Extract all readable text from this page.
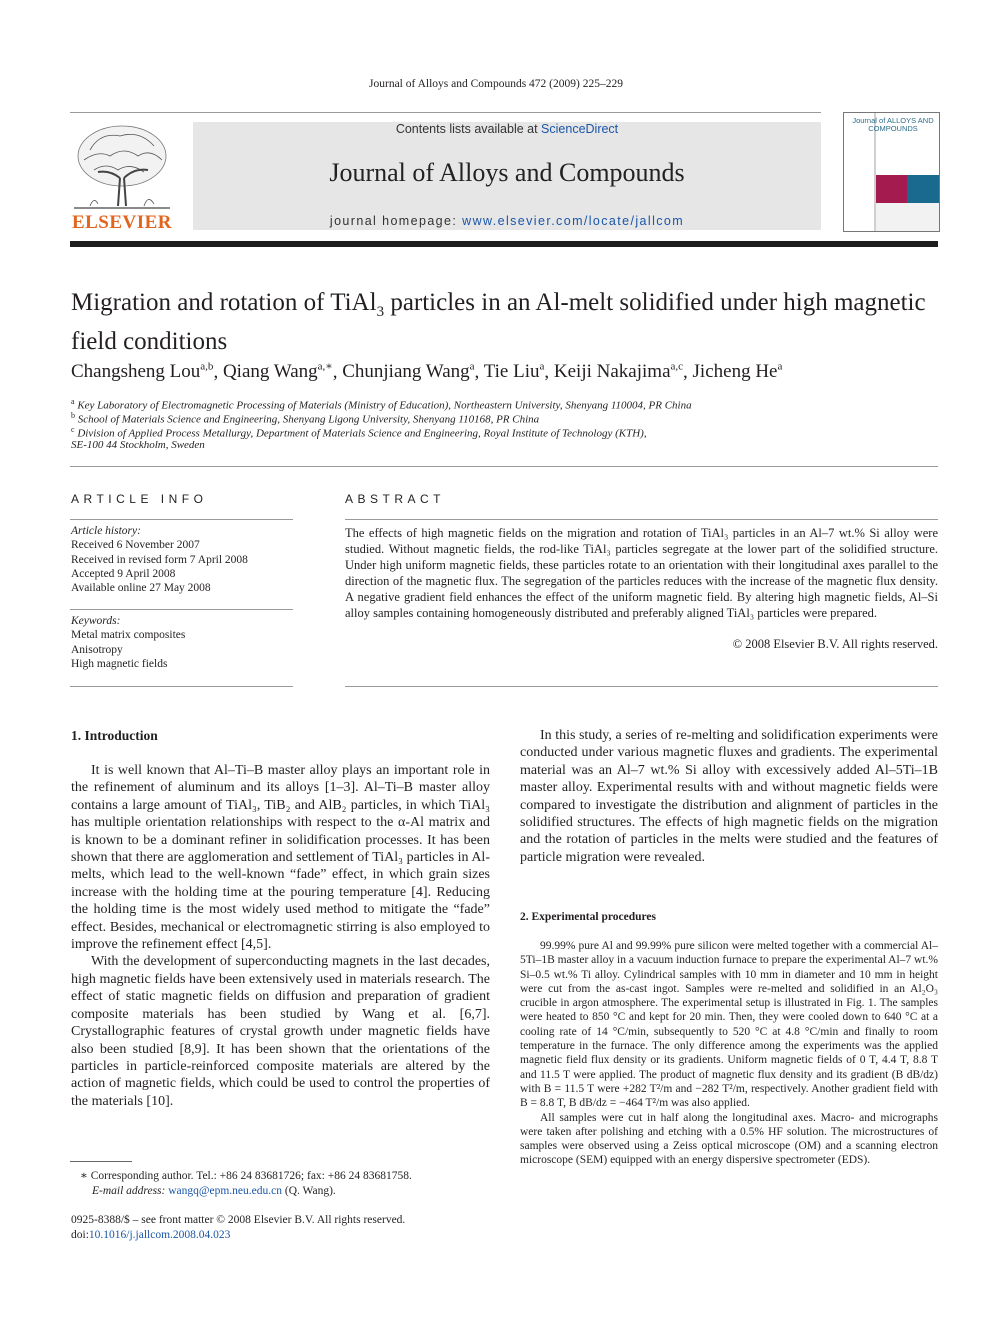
Journal of Alloys and Compounds 472 (2009) 225–229
ELSEVIER
Contents lists available at ScienceDirect
Journal of Alloys and Compounds
journal homepage: www.elsevier.com/locate/jallcom
Journal of ALLOYS AND COMPOUNDS
Migration and rotation of TiAl$_3$ particles in an Al-melt solidified under high magnetic field conditions
Changsheng Lou$^{a,b}$, Qiang Wang$^{a,∗}$, Chunjiang Wang$^a$, Tie Liu$^a$, Keiji Nakajima$^{a,c}$, Jicheng He$^a$
$^a$ Key Laboratory of Electromagnetic Processing of Materials (Ministry of Education), Northeastern University, Shenyang 110004, PR China
$^b$ School of Materials Science and Engineering, Shenyang Ligong University, Shenyang 110168, PR China
$^c$ Division of Applied Process Metallurgy, Department of Materials Science and Engineering, Royal Institute of Technology (KTH),
SE-100 44 Stockholm, Sweden
ARTICLE INFO
Article history:
Received 6 November 2007
Received in revised form 7 April 2008
Accepted 9 April 2008
Available online 27 May 2008
Keywords:
Metal matrix composites
Anisotropy
High magnetic fields
ABSTRACT
The effects of high magnetic fields on the migration and rotation of TiAl₃ particles in an Al–7 wt.% Si alloy were studied. Without magnetic fields, the rod-like TiAl₃ particles segregate at the lower part of the solidified structure. Under high uniform magnetic fields, these particles rotate to an orientation with their longitudinal axes parallel to the direction of the magnetic flux. The segregation of the particles reduces with the increase of the magnetic flux density. A negative gradient field enhances the effect of the uniform magnetic field. By altering high magnetic fields, Al–Si alloy samples containing homogeneously distributed and preferably aligned TiAl₃ particles were prepared.
© 2008 Elsevier B.V. All rights reserved.
1. Introduction

It is well known that Al–Ti–B master alloy plays an important role in the refinement of aluminum and its alloys [1–3]. Al–Ti–B master alloy contains a large amount of TiAl₃, TiB₂ and AlB₂ particles, in which TiAl₃ has multiple orientation relationships with respect to the α-Al matrix and is known to be a dominant refiner in solidification processes. It has been shown that there are agglomeration and settlement of TiAl₃ particles in Al-melts, which lead to the well-known “fade” effect, in which grain sizes increase with the holding time at the pouring temperature [4]. Reducing the holding time is the most widely used method to mitigate the “fade” effect. Besides, mechanical or electromagnetic stirring is also employed to improve the refinement effect [4,5].

With the development of superconducting magnets in the last decades, high magnetic fields have been extensively used in materials research. The effect of static magnetic fields on diffusion and preparation of gradient composite materials has been studied by Wang et al. [6,7]. Crystallographic features of crystal growth under magnetic fields have also been studied [8,9]. It has been shown that the orientations of the particles in particle-reinforced composite materials are altered by the action of magnetic fields, which could be used to control the properties of the materials [10].

In this study, a series of re-melting and solidification experiments were conducted under various magnetic fluxes and gradients. The experimental material was an Al–7 wt.% Si alloy with excessively added Al–5Ti–1B master alloy. Experimental results with and without magnetic fields were compared to investigate the distribution and alignment of particles in the solidified structures. The effects of high magnetic fields on the migration and the rotation of particles in the melts were studied and the features of particle migration were revealed.

2. Experimental procedures

99.99% pure Al and 99.99% pure silicon were melted together with a commercial Al–5Ti–1B master alloy in a vacuum induction furnace to prepare the experimental Al–7 wt.% Si–0.5 wt.% Ti alloy. Cylindrical samples with 10 mm in diameter and 10 mm in height were cut from the as-cast ingot. Samples were re-melted and solidified in an Al₂O₃ crucible in argon atmosphere. The experimental setup is illustrated in Fig. 1. The samples were heated to 850 °C and kept for 20 min. Then, they were cooled down to 640 °C at a cooling rate of 14 °C/min, subsequently to 520 °C at 4.8 °C/min and finally to room temperature in the furnace. The only difference among the experiments was the applied magnetic field flux density or its gradients. Uniform magnetic fields of 0 T, 4.4 T, 8.8 T and 11.5 T were applied. The product of magnetic flux density and its gradient (B dB/dz) with B = 11.5 T were +282 T²/m and −282 T²/m, respectively. Another gradient field with B = 8.8 T, B dB/dz = −464 T²/m was also applied.

All samples were cut in half along the longitudinal axes. Macro- and micrographs were taken after polishing and etching with a 0.5% HF solution. The microstructures of samples were observed using a Zeiss optical microscope (OM) and a scanning electron microscope (SEM) equipped with an energy dispersive spectrometer (EDS).

∗ Corresponding author. Tel.: +86 24 83681726; fax: +86 24 83681758.
E-mail address: wangq@epm.neu.edu.cn (Q. Wang).
0925-8388/$ – see front matter © 2008 Elsevier B.V. All rights reserved.
doi:10.1016/j.jallcom.2008.04.023
